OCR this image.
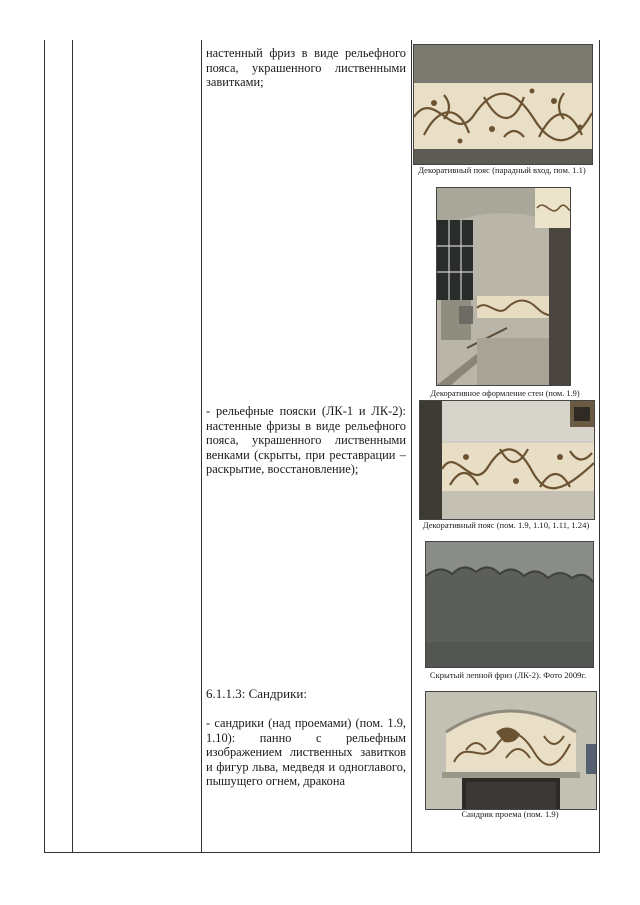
настенный фриз в виде рельефного пояса, украшенного лиственными завитками;
- рельефные пояски (ЛК-1 и ЛК-2): настенные фризы в виде рельефного пояса, украшенного лиственными венками (скрыты, при реставрации – раскрытие, восстановление);
6.1.1.3: Сандрики:
- сандрики (над проемами) (пом. 1.9, 1.10): панно с рельефным изображением лиственных завитков и фигур льва, медведя и одноглавого, пышущего огнем, дракона
Декоративный пояс (парадный вход, пом. 1.1)
Декоративное оформление стен (пом. 1.9)
Декоративный пояс (пом. 1.9, 1.10, 1.11, 1.24)
Скрытый лепной фриз (ЛК-2). Фото 2009г.
Сандрик проема (пом. 1.9)
